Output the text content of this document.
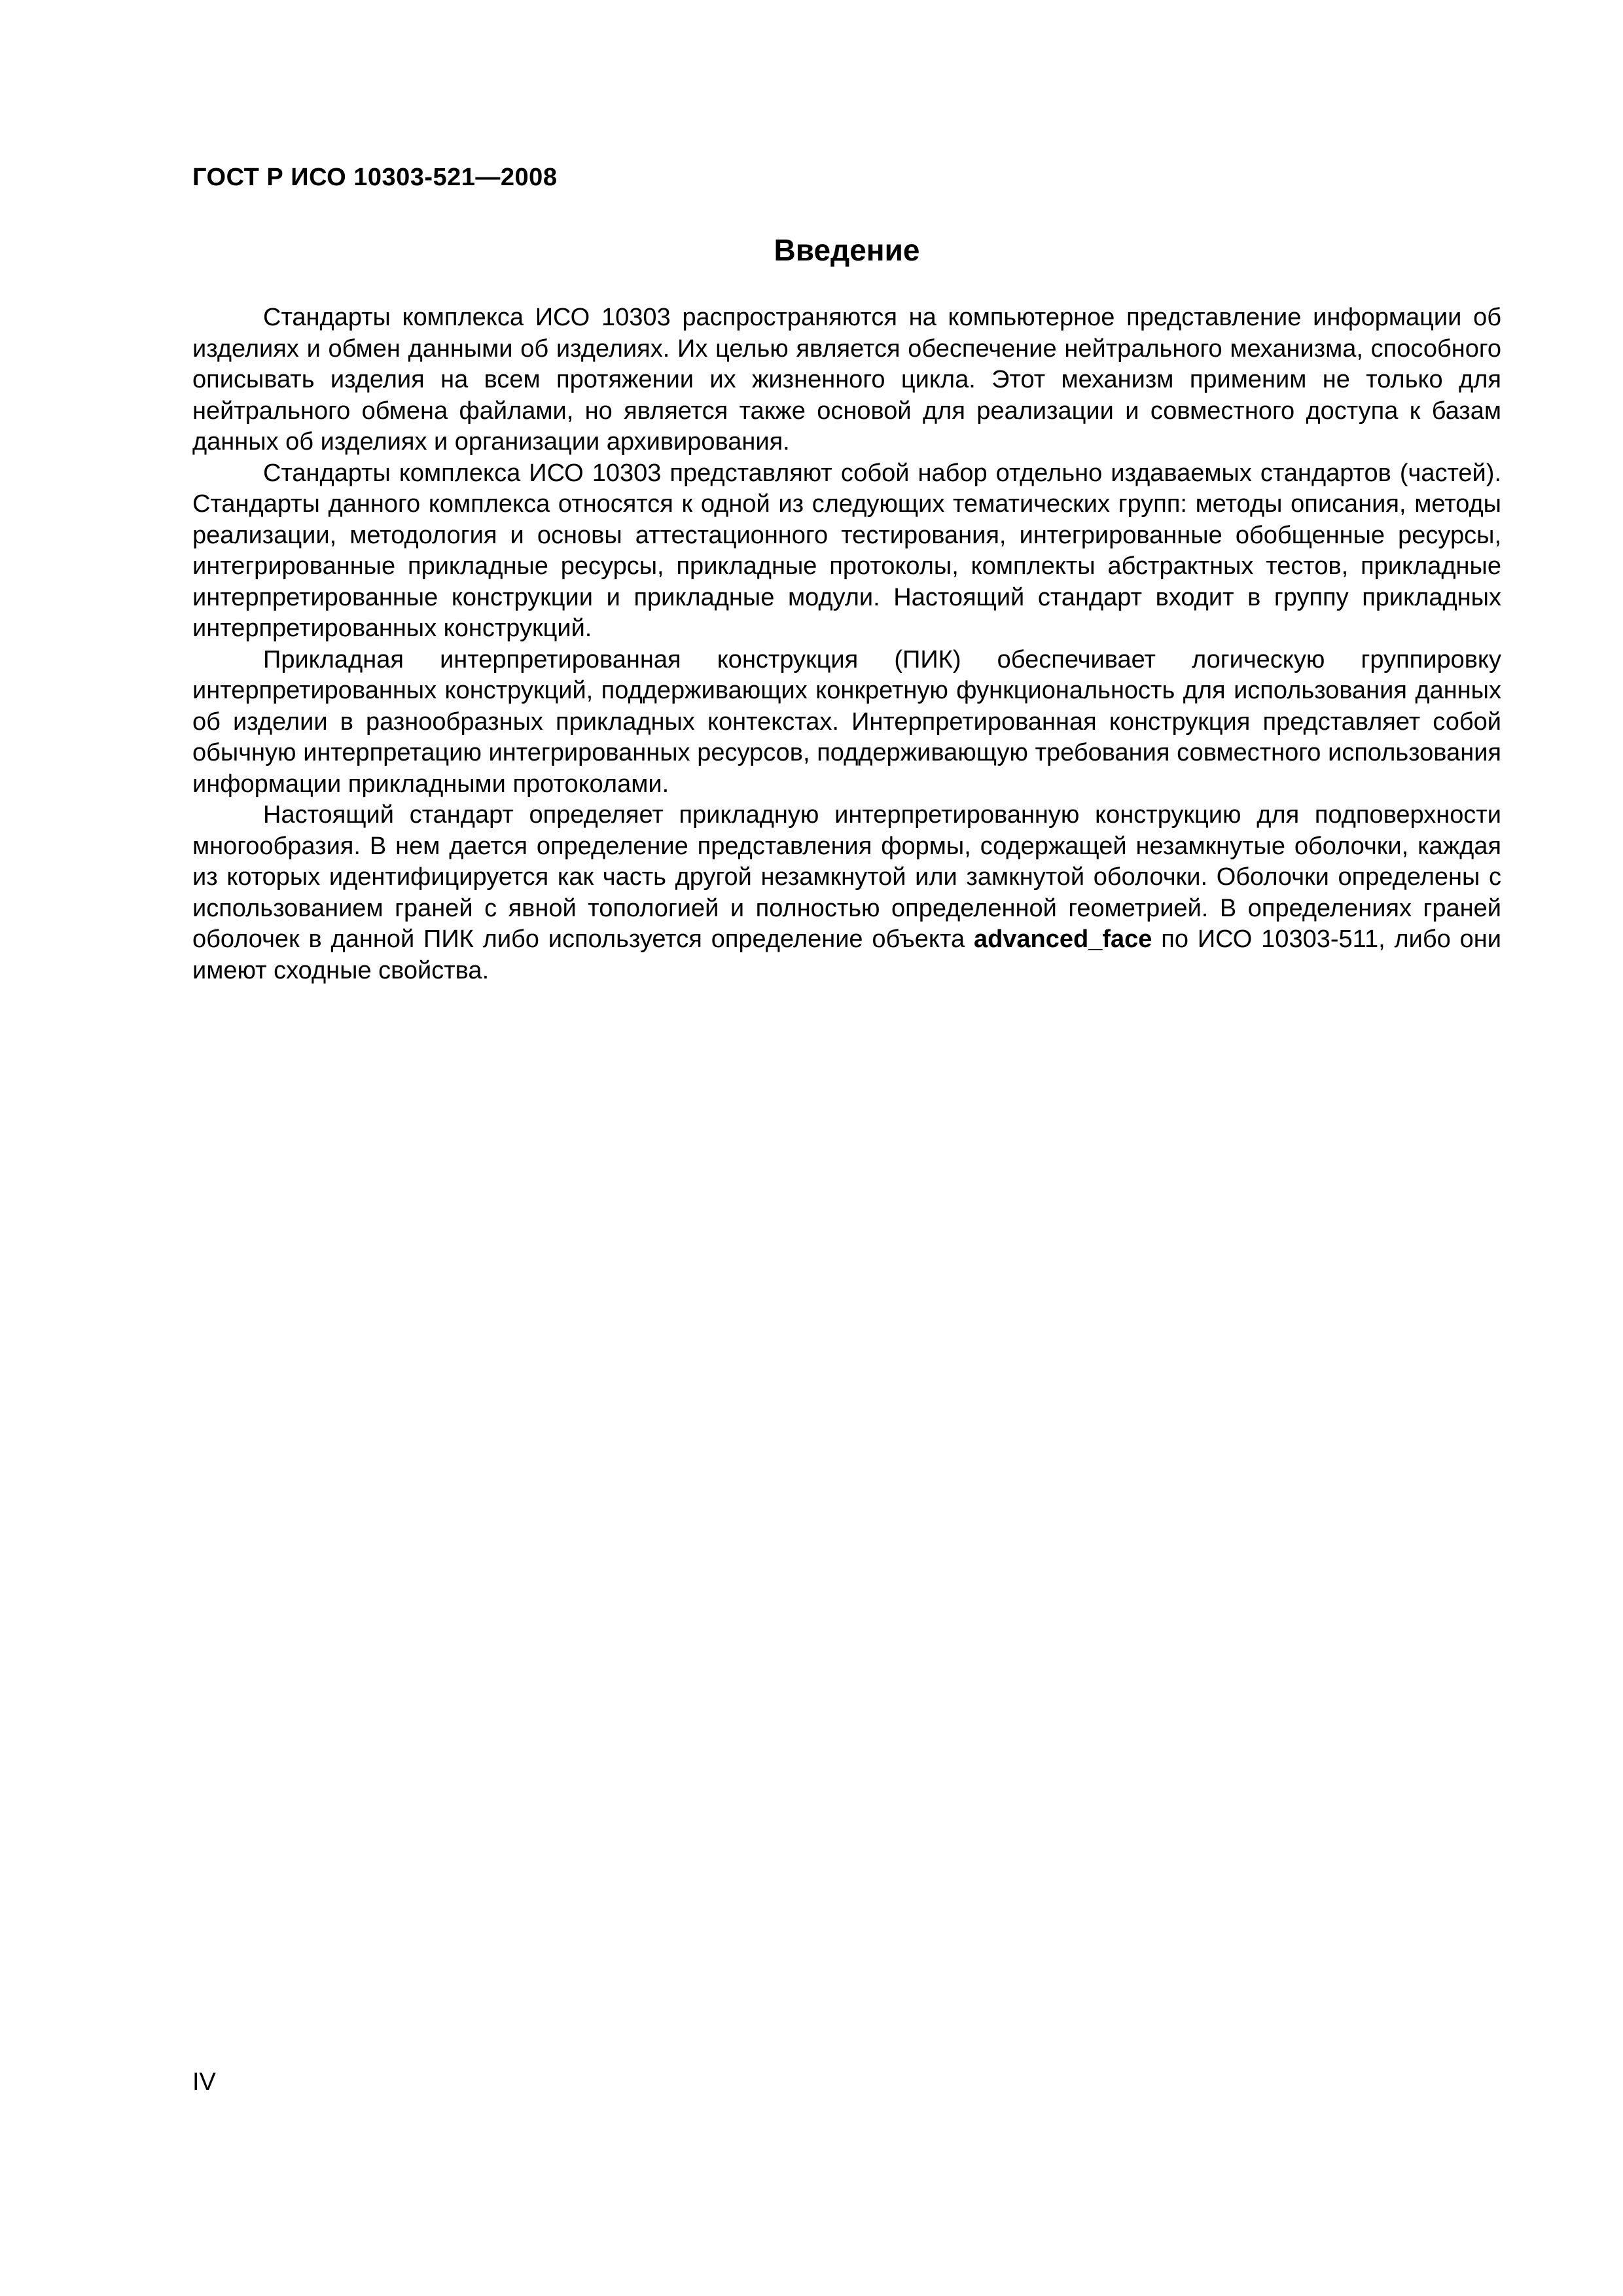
ГОСТ Р ИСО 10303-521—2008
Введение

Стандарты комплекса ИСО 10303 распространяются на компьютерное представление информации об изделиях и обмен данными об изделиях. Их целью является обеспечение нейтрального механизма, способного описывать изделия на всем протяжении их жизненного цикла. Этот механизм применим не только для нейтрального обмена файлами, но является также основой для реализации и совместного доступа к базам данных об изделиях и организации архивирования.

Стандарты комплекса ИСО 10303 представляют собой набор отдельно издаваемых стандартов (частей). Стандарты данного комплекса относятся к одной из следующих тематических групп: методы описания, методы реализации, методология и основы аттестационного тестирования, интегрированные обобщенные ресурсы, интегрированные прикладные ресурсы, прикладные протоколы, комплекты абстрактных тестов, прикладные интерпретированные конструкции и прикладные модули. Настоящий стандарт входит в группу прикладных интерпретированных конструкций.

Прикладная интерпретированная конструкция (ПИК) обеспечивает логическую группировку интерпретированных конструкций, поддерживающих конкретную функциональность для использования данных об изделии в разнообразных прикладных контекстах. Интерпретированная конструкция представляет собой обычную интерпретацию интегрированных ресурсов, поддерживающую требования совместного использования информации прикладными протоколами.

Настоящий стандарт определяет прикладную интерпретированную конструкцию для подповерхности многообразия. В нем дается определение представления формы, содержащей незамкнутые оболочки, каждая из которых идентифицируется как часть другой незамкнутой или замкнутой оболочки. Оболочки определены с использованием граней с явной топологией и полностью определенной геометрией. В определениях граней оболочек в данной ПИК либо используется определение объекта advanced_face по ИСО 10303-511, либо они имеют сходные свойства.

IV
